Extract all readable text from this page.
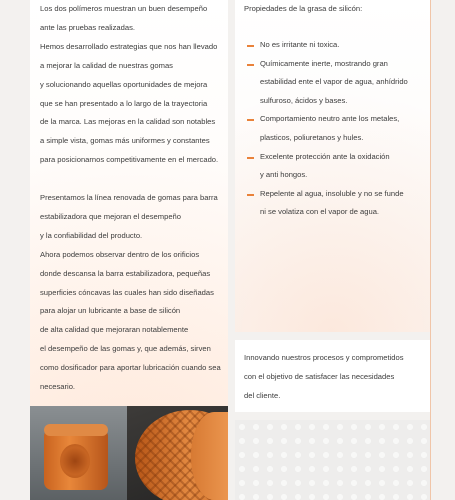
Los dos polímeros muestran un buen desempeño

ante las pruebas realizadas.

Hemos desarrollado estrategias que nos han llevado

a mejorar la calidad de nuestras gomas

y solucionando aquellas oportunidades de mejora

que se han presentado a lo largo de la trayectoria

de la marca. Las mejoras en la calidad son notables

a simple vista, gomas más uniformes y constantes

para posicionarnos competitivamente en el mercado.

Presentamos la línea renovada de gomas para barra

estabilizadora que mejoran el desempeño

y la confiabilidad del producto.

Ahora podemos observar dentro de los orificios

donde descansa la barra estabilizadora, pequeñas

superficies cóncavas las cuales han sido diseñadas

para alojar un lubricante a base de silicón

de alta calidad que mejoraran notablemente

el desempeño de las gomas y, que además, sirven

como dosificador para aportar lubricación cuando sea

necesario.

Propiedades de la grasa de silicón:
No es irritante ni toxica.
Químicamente inerte, mostrando gran
estabilidad ente el vapor de agua, anhídrido
sulfuroso, ácidos y bases.
Comportamiento neutro ante los metales,
plasticos, poliuretanos y hules.
Excelente protección ante la oxidación
y anti hongos.
Repelente al agua, insoluble y no se funde
ni se volatiza con el vapor de agua.

Innovando nuestros procesos y comprometidos

con el objetivo de satisfacer las necesidades

del cliente.
